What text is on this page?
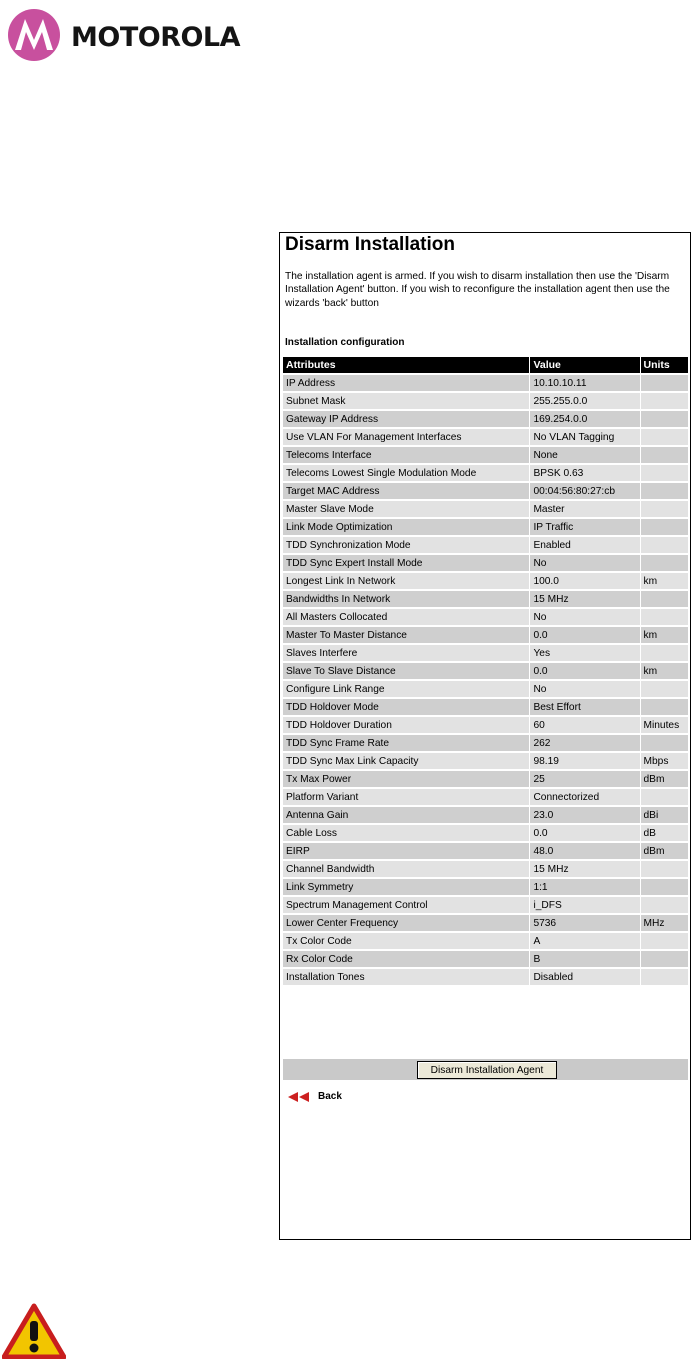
MOTOROLA
Disarm Installation

The installation agent is armed. If you wish to disarm installation then use the 'Disarm Installation Agent' button. If you wish to reconfigure the installation agent then use the wizards 'back' button

Installation configuration
Attributes	Value	Units
IP Address	10.10.10.11	
Subnet Mask	255.255.0.0	
Gateway IP Address	169.254.0.0	
Use VLAN For Management Interfaces	No VLAN Tagging	
Telecoms Interface	None	
Telecoms Lowest Single Modulation Mode	BPSK 0.63	
Target MAC Address	00:04:56:80:27:cb	
Master Slave Mode	Master	
Link Mode Optimization	IP Traffic	
TDD Synchronization Mode	Enabled	
TDD Sync Expert Install Mode	No	
Longest Link In Network	100.0	km
Bandwidths In Network	15 MHz	
All Masters Collocated	No	
Master To Master Distance	0.0	km
Slaves Interfere	Yes	
Slave To Slave Distance	0.0	km
Configure Link Range	No	
TDD Holdover Mode	Best Effort	
TDD Holdover Duration	60	Minutes
TDD Sync Frame Rate	262	
TDD Sync Max Link Capacity	98.19	Mbps
Tx Max Power	25	dBm
Platform Variant	Connectorized	
Antenna Gain	23.0	dBi
Cable Loss	0.0	dB
EIRP	48.0	dBm
Channel Bandwidth	15 MHz	
Link Symmetry	1:1	
Spectrum Management Control	i_DFS	
Lower Center Frequency	5736	MHz
Tx Color Code	A	
Rx Color Code	B	
Installation Tones	Disabled	
Disarm Installation Agent
Back
